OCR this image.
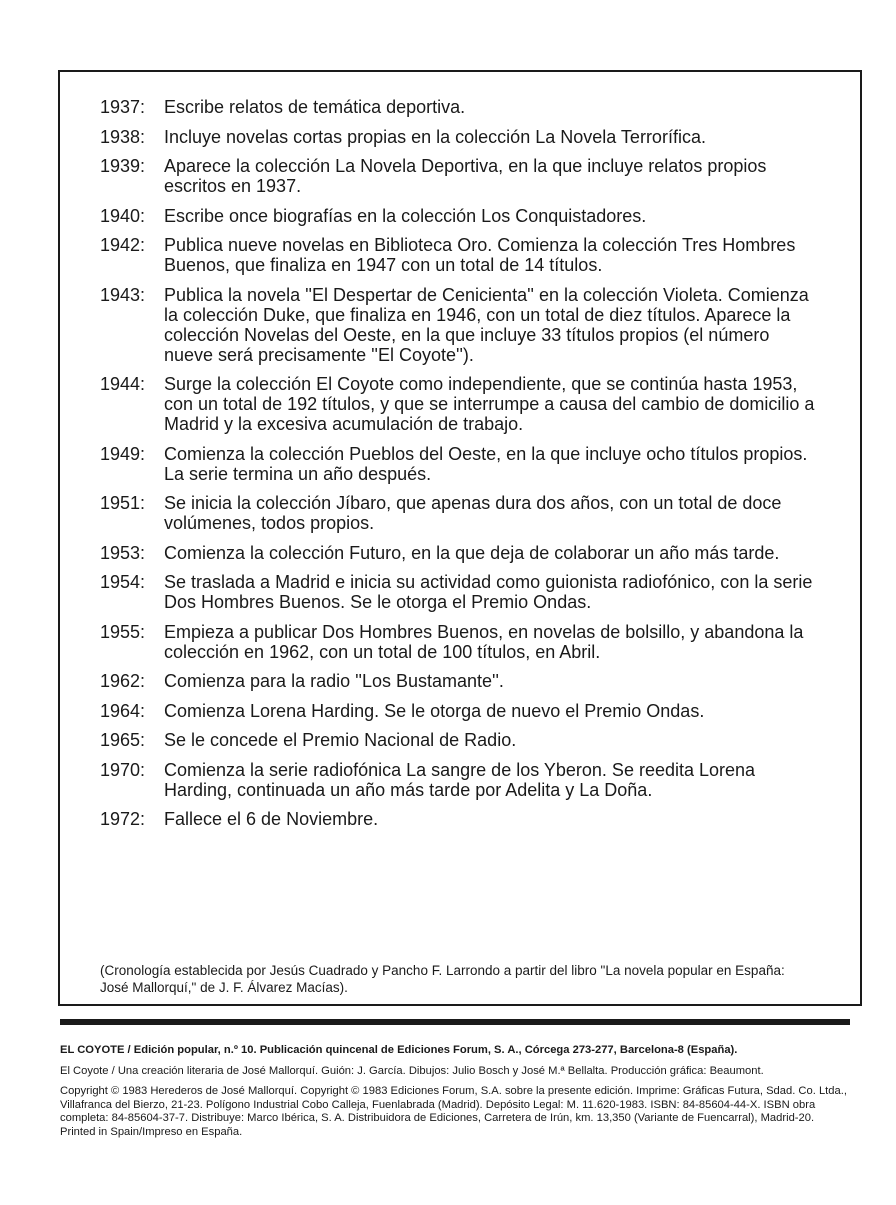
1937:	Escribe relatos de temática deportiva.
1938:	Incluye novelas cortas propias en la colección La Novela Terrorífica.
1939:	Aparece la colección La Novela Deportiva, en la que incluye relatos propios escritos en 1937.
1940:	Escribe once biografías en la colección Los Conquistadores.
1942:	Publica nueve novelas en Biblioteca Oro. Comienza la colección Tres Hombres Buenos, que finaliza en 1947 con un total de 14 títulos.
1943:	Publica la novela ''El Despertar de Cenicienta'' en la colección Violeta. Comienza la colección Duke, que finaliza en 1946, con un total de diez títulos. Aparece la colección Novelas del Oeste, en la que incluye 33 títulos propios (el número nueve será precisamente ''El Coyote'').
1944:	Surge la colección El Coyote como independiente, que se continúa hasta 1953, con un total de 192 títulos, y que se interrumpe a causa del cambio de domicilio a Madrid y la excesiva acumulación de trabajo.
1949:	Comienza la colección Pueblos del Oeste, en la que incluye ocho títulos propios. La serie termina un año después.
1951:	Se inicia la colección Jíbaro, que apenas dura dos años, con un total de doce volúmenes, todos propios.
1953:	Comienza la colección Futuro, en la que deja de colaborar un año más tarde.
1954:	Se traslada a Madrid e inicia su actividad como guionista radiofónico, con la serie Dos Hombres Buenos. Se le otorga el Premio Ondas.
1955:	Empieza a publicar Dos Hombres Buenos, en novelas de bolsillo, y abandona la colección en 1962, con un total de 100 títulos, en Abril.
1962:	Comienza para la radio ''Los Bustamante''.
1964:	Comienza Lorena Harding. Se le otorga de nuevo el Premio Ondas.
1965:	Se le concede el Premio Nacional de Radio.
1970:	Comienza la serie radiofónica La sangre de los Yberon. Se reedita Lorena Harding, continuada un año más tarde por Adelita y La Doña.
1972:	Fallece el 6 de Noviembre.
(Cronología establecida por Jesús Cuadrado y Pancho F. Larrondo a partir del libro "La novela popular en España: José Mallorquí," de J. F. Álvarez Macías).

EL COYOTE / Edición popular, n.º 10. Publicación quincenal de Ediciones Forum, S. A., Córcega 273-277, Barcelona-8 (España).

El Coyote / Una creación literaria de José Mallorquí. Guión: J. García. Dibujos: Julio Bosch y José M.ª Bellalta. Producción gráfica: Beaumont.

Copyright © 1983 Herederos de José Mallorquí. Copyright © 1983 Ediciones Forum, S.A. sobre la presente edición. Imprime: Gráficas Futura, Sdad. Co. Ltda., Villafranca del Bierzo, 21-23. Polígono Industrial Cobo Calleja, Fuenlabrada (Madrid). Depósito Legal: M. 11.620-1983. ISBN: 84-85604-44-X. ISBN obra completa: 84-85604-37-7. Distribuye: Marco Ibérica, S. A. Distribuidora de Ediciones, Carretera de Irún, km. 13,350 (Variante de Fuencarral), Madrid-20. Printed in Spain/Impreso en España.
